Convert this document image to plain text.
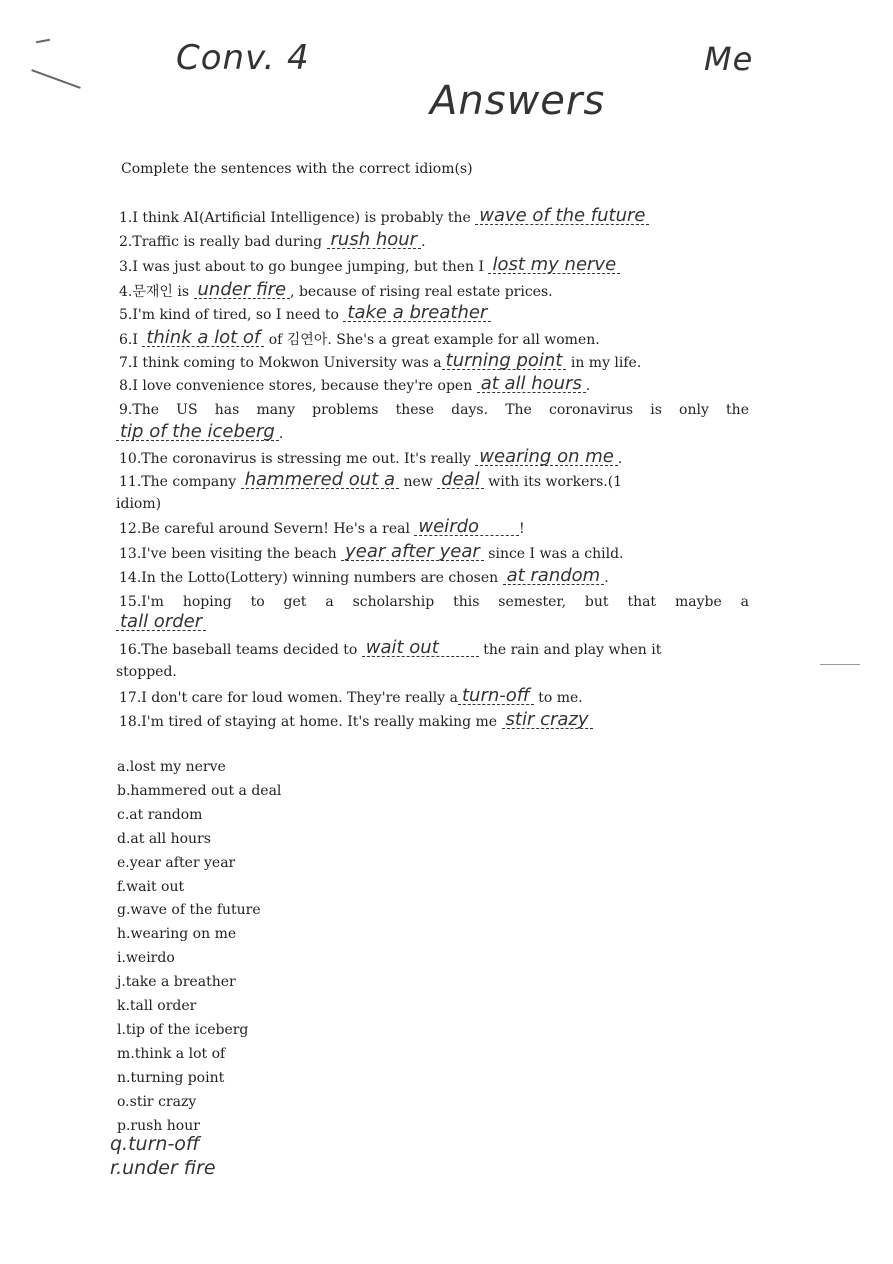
Conv. 4	Me
Answers
Complete the sentences with the correct idiom(s)
1.I think AI(Artificial Intelligence) is probably the wave of the future
2.Traffic is really bad during rush hour .
3.I was just about to go bungee jumping, but then I lost my nerve
4.문재인 is under fire , because of rising real estate prices.
5.I'm kind of tired, so I need to take a breather
6.I think a lot of of 김연아. She's a great example for all women.
7.I think coming to Mokwon University was a turning point in my life.
8.I love convenience stores, because they're open at all hours .
9.The US has many problems these days. The coronavirus is only the
tip of the iceberg .
10.The coronavirus is stressing me out. It's really wearing on me .
11.The company hammered out a new deal with its workers.(1
idiom)
12.Be careful around Severn! He's a real weirdo	!
13.I've been visiting the beach year after year since I was a child.
14.In the Lotto(Lottery) winning numbers are chosen at random .
15.I'm hoping to get a scholarship this semester, but that maybe a
tall order
16.The baseball teams decided to wait out	the rain and play when it
stopped.
17.I don't care for loud women. They're really a turn-off to me.
18.I'm tired of staying at home. It's really making me stir crazy
a.lost my nerve
b.hammered out a deal
c.at random
d.at all hours
e.year after year
f.wait out
g.wave of the future
h.wearing on me
i.weirdo
j.take a breather
k.tall order
l.tip of the iceberg
m.think a lot of
n.turning point
o.stir crazy
p.rush hour
q.turn-off
r.under fire
